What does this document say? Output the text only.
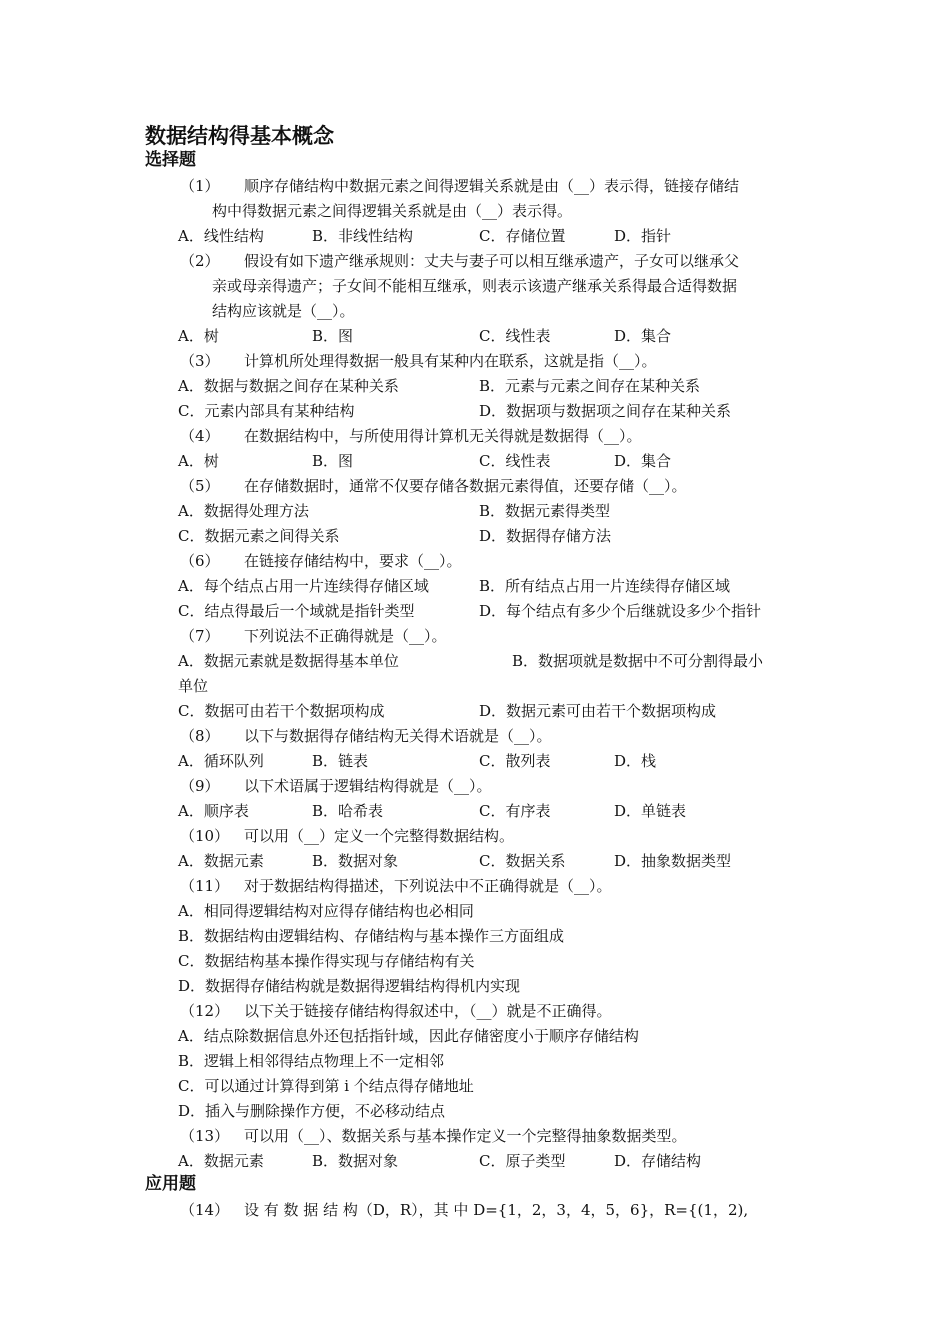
数据结构得基本概念
选择题
（1） 顺序存储结构中数据元素之间得逻辑关系就是由（__）表示得，链接存储结
构中得数据元素之间得逻辑关系就是由（__）表示得。
A．线性结构	B．非线性结构	C．存储位置	D．指针
（2） 假设有如下遗产继承规则：丈夫与妻子可以相互继承遗产，子女可以继承父
亲或母亲得遗产；子女间不能相互继承，则表示该遗产继承关系得最合适得数据
结构应该就是（__）。
A．树	B．图	C．线性表	D．集合
（3） 计算机所处理得数据一般具有某种内在联系，这就是指（__）。
A．数据与数据之间存在某种关系	B．元素与元素之间存在某种关系
C．元素内部具有某种结构	D．数据项与数据项之间存在某种关系
（4） 在数据结构中，与所使用得计算机无关得就是数据得（__）。
A．树	B．图	C．线性表	D．集合
（5） 在存储数据时，通常不仅要存储各数据元素得值，还要存储（__）。
A．数据得处理方法	B．数据元素得类型
C．数据元素之间得关系	D．数据得存储方法
（6） 在链接存储结构中，要求（__）。
A．每个结点占用一片连续得存储区域	B．所有结点占用一片连续得存储区域
C．结点得最后一个域就是指针类型	D．每个结点有多少个后继就设多少个指针
（7） 下列说法不正确得就是（__）。
A．数据元素就是数据得基本单位	B．数据项就是数据中不可分割得最小
单位
C．数据可由若干个数据项构成	D．数据元素可由若干个数据项构成
（8） 以下与数据得存储结构无关得术语就是（__）。
A．循环队列	B．链表	C．散列表	D．栈
（9） 以下术语属于逻辑结构得就是（__）。
A．顺序表	B．哈希表	C．有序表	D．单链表
（10） 可以用（__）定义一个完整得数据结构。
A．数据元素	B．数据对象	C．数据关系	D．抽象数据类型
（11） 对于数据结构得描述，下列说法中不正确得就是（__）。
A．相同得逻辑结构对应得存储结构也必相同
B．数据结构由逻辑结构、存储结构与基本操作三方面组成
C．数据结构基本操作得实现与存储结构有关
D．数据得存储结构就是数据得逻辑结构得机内实现
（12） 以下关于链接存储结构得叙述中，（__）就是不正确得。
A．结点除数据信息外还包括指针域，因此存储密度小于顺序存储结构
B．逻辑上相邻得结点物理上不一定相邻
C．可以通过计算得到第 i 个结点得存储地址
D．插入与删除操作方便，不必移动结点
（13） 可以用（__）、数据关系与基本操作定义一个完整得抽象数据类型。
A．数据元素	B．数据对象	C．原子类型	D．存储结构
应用题
（14） 设 有 数 据 结 构（D，R），其 中 D={1，2，3，4，5，6}，R={(1，2),
